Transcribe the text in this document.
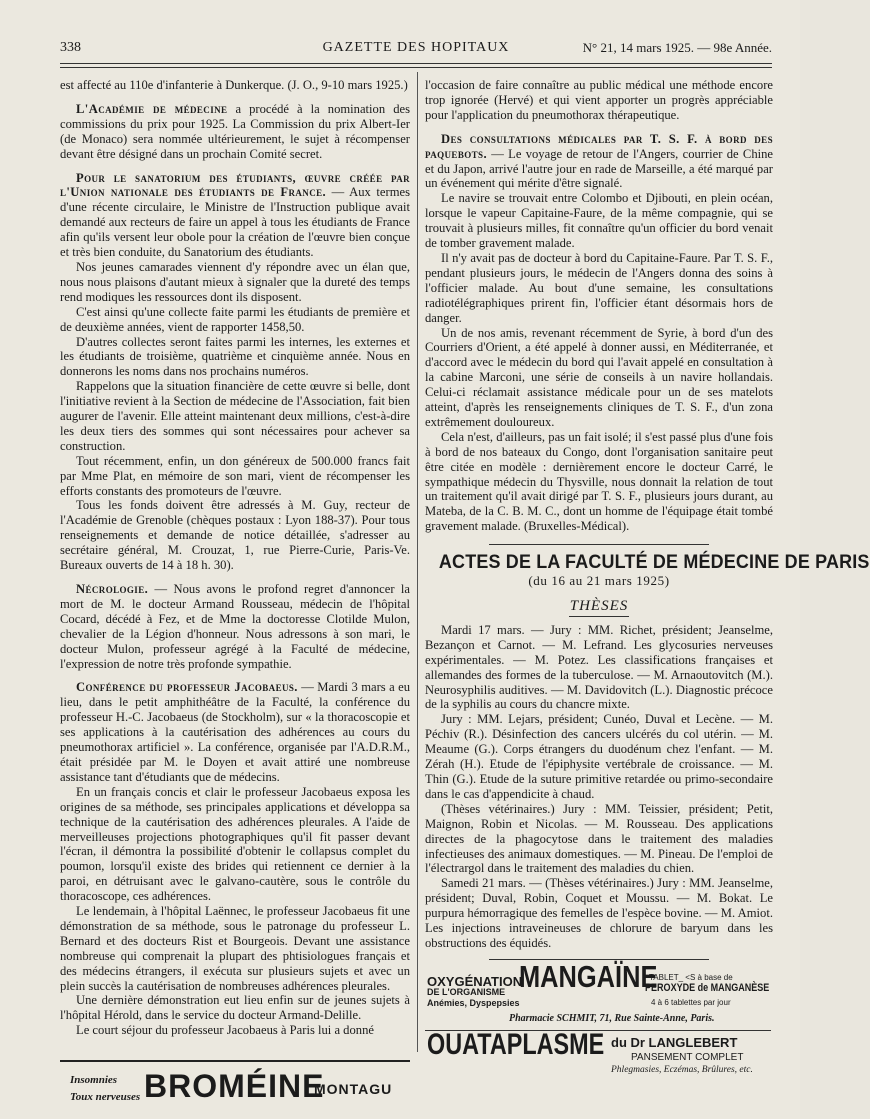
338	GAZETTE DES HOPITAUX	N° 21, 14 mars 1925. — 98e Année.

est affecté au 110e d'infanterie à Dunkerque. (J. O., 9-10 mars 1925.)

L'Académie de médecine a procédé à la nomination des commissions du prix pour 1925. La Commission du prix Albert-Ier (de Monaco) sera nommée ultérieurement, le sujet à récompenser devant être désigné dans un prochain Comité secret.

Pour le sanatorium des étudiants, œuvre créée par l'Union nationale des étudiants de France. — Aux termes d'une récente circulaire, le Ministre de l'Instruction publique avait demandé aux recteurs de faire un appel à tous les étudiants de France afin qu'ils versent leur obole pour la création de l'œuvre bien conçue et très bien conduite, du Sanatorium des étudiants.

Nos jeunes camarades viennent d'y répondre avec un élan que, nous nous plaisons d'autant mieux à signaler que la dureté des temps rend modiques les ressources dont ils disposent.

C'est ainsi qu'une collecte faite parmi les étudiants de première et de deuxième années, vient de rapporter 1458,50.

D'autres collectes seront faites parmi les internes, les externes et les étudiants de troisième, quatrième et cinquième année. Nous en donnerons les noms dans nos prochains numéros.

Rappelons que la situation financière de cette œuvre si belle, dont l'initiative revient à la Section de médecine de l'Association, fait bien augurer de l'avenir. Elle atteint maintenant deux millions, c'est-à-dire les deux tiers des sommes qui sont nécessaires pour achever sa construction.

Tout récemment, enfin, un don généreux de 500.000 francs fait par Mme Plat, en mémoire de son mari, vient de récompenser les efforts constants des promoteurs de l'œuvre.

Tous les fonds doivent être adressés à M. Guy, recteur de l'Académie de Grenoble (chèques postaux : Lyon 188-37). Pour tous renseignements et demande de notice détaillée, s'adresser au secrétaire général, M. Crouzat, 1, rue Pierre-Curie, Paris-Ve. Bureaux ouverts de 14 à 18 h. 30).

Nécrologie. — Nous avons le profond regret d'annoncer la mort de M. le docteur Armand Rousseau, médecin de l'hôpital Cocard, décédé à Fez, et de Mme la doctoresse Clotilde Mulon, chevalier de la Légion d'honneur. Nous adressons à son mari, le docteur Mulon, professeur agrégé à la Faculté de médecine, l'expression de notre très profonde sympathie.

Conférence du professeur Jacobaeus. — Mardi 3 mars a eu lieu, dans le petit amphithéâtre de la Faculté, la conférence du professeur H.-C. Jacobaeus (de Stockholm), sur « la thoracoscopie et ses applications à la cautérisation des adhérences au cours du pneumothorax artificiel ». La conférence, organisée par l'A.D.R.M., était présidée par M. le Doyen et avait attiré une nombreuse assistance tant d'étudiants que de médecins.

En un français concis et clair le professeur Jacobaeus exposa les origines de sa méthode, ses principales applications et développa sa technique de la cautérisation des adhérences pleurales. A l'aide de merveilleuses projections photographiques qu'il fit passer devant l'écran, il démontra la possibilité d'obtenir le collapsus complet du poumon, lorsqu'il existe des brides qui retiennent ce dernier à la paroi, en détruisant avec le galvano-cautère, sous le contrôle du thoracoscope, ces adhérences.

Le lendemain, à l'hôpital Laënnec, le professeur Jacobaeus fit une démonstration de sa méthode, sous le patronage du professeur L. Bernard et des docteurs Rist et Bourgeois. Devant une assistance nombreuse qui comprenait la plupart des phtisiologues français et des médecins étrangers, il exécuta sur plusieurs sujets et avec un plein succès la cautérisation de nombreuses adhérences pleurales.

Une dernière démonstration eut lieu enfin sur de jeunes sujets à l'hôpital Hérold, dans le service du docteur Armand-Delille.

Le court séjour du professeur Jacobaeus à Paris lui a donné

Insomnies
Toux nerveuses BROMÉINE
MONTAGU

l'occasion de faire connaître au public médical une méthode encore trop ignorée (Hervé) et qui vient apporter un progrès appréciable pour l'application du pneumothorax thérapeutique.

Des consultations médicales par T. S. F. à bord des paquebots. — Le voyage de retour de l'Angers, courrier de Chine et du Japon, arrivé l'autre jour en rade de Marseille, a été marqué par un événement qui mérite d'être signalé.

Le navire se trouvait entre Colombo et Djibouti, en plein océan, lorsque le vapeur Capitaine-Faure, de la même compagnie, qui se trouvait à plusieurs milles, fit connaître qu'un officier du bord venait de tomber gravement malade.

Il n'y avait pas de docteur à bord du Capitaine-Faure. Par T. S. F., pendant plusieurs jours, le médecin de l'Angers donna des soins à l'officier malade. Au bout d'une semaine, les consultations radiotélégraphiques prirent fin, l'officier étant désormais hors de danger.

Un de nos amis, revenant récemment de Syrie, à bord d'un des Courriers d'Orient, a été appelé à donner aussi, en Méditerranée, et d'accord avec le médecin du bord qui l'avait appelé en consultation à la cabine Marconi, une série de conseils à un navire hollandais. Celui-ci réclamait assistance médicale pour un de ses matelots atteint, d'après les renseignements cliniques de T. S. F., d'un zona extrêmement douloureux.

Cela n'est, d'ailleurs, pas un fait isolé; il s'est passé plus d'une fois à bord de nos bateaux du Congo, dont l'organisation sanitaire peut être citée en modèle : dernièrement encore le docteur Carré, le sympathique médecin du Thysville, nous donnait la relation de tout un traitement qu'il avait dirigé par T. S. F., plusieurs jours durant, au Mateba, de la C. B. M. C., dont un homme de l'équipage était tombé gravement malade. (Bruxelles-Médical).

ACTES DE LA FACULTÉ DE MÉDECINE DE PARIS
(du 16 au 21 mars 1925)
THÈSES

Mardi 17 mars. — Jury : MM. Richet, président; Jeanselme, Bezançon et Carnot. — M. Lefrand. Les glycosuries nerveuses expérimentales. — M. Potez. Les classifications françaises et allemandes des formes de la tuberculose. — M. Arnaoutovitch (M.). Neurosyphilis auditives. — M. Davidovitch (L.). Diagnostic précoce de la syphilis au cours du chancre mixte.

Jury : MM. Lejars, président; Cunéo, Duval et Lecène. — M. Péchiv (R.). Désinfection des cancers ulcérés du col utérin. — M. Meaume (G.). Corps étrangers du duodénum chez l'enfant. — M. Zérah (H.). Etude de l'épiphysite vertébrale de croissance. — M. Thin (G.). Etude de la suture primitive retardée ou primo-secondaire dans le cas d'appendicite à chaud.

(Thèses vétérinaires.) Jury : MM. Teissier, président; Petit, Maignon, Robin et Nicolas. — M. Rousseau. Des applications directes de la phagocytose dans le traitement des maladies infectieuses des animaux domestiques. — M. Pineau. De l'emploi de l'électrargol dans le traitement des maladies du chien.

Samedi 21 mars. — (Thèses vétérinaires.) Jury : MM. Jeanselme, président; Duval, Robin, Coquet et Moussu. — M. Bokat. Le purpura hémorragique des femelles de l'espèce bovine. — M. Amiot. Les injections intraveineuses de chlorure de baryum dans les obstructions des équidés.

OXYGÉNATION
DE L'ORGANISME
Anémies, Dyspepsies
MANGAÏNE
TABLET_ <S à base de
PEROXYDE de MANGANÈSE
4 à 6 tablettes par jour
Pharmacie SCHMIT, 71, Rue Sainte-Anne, Paris.
OUATAPLASME du Dr LANGLEBERT
PANSEMENT COMPLET
Phlegmasies, Eczémas, Brûlures, etc.
